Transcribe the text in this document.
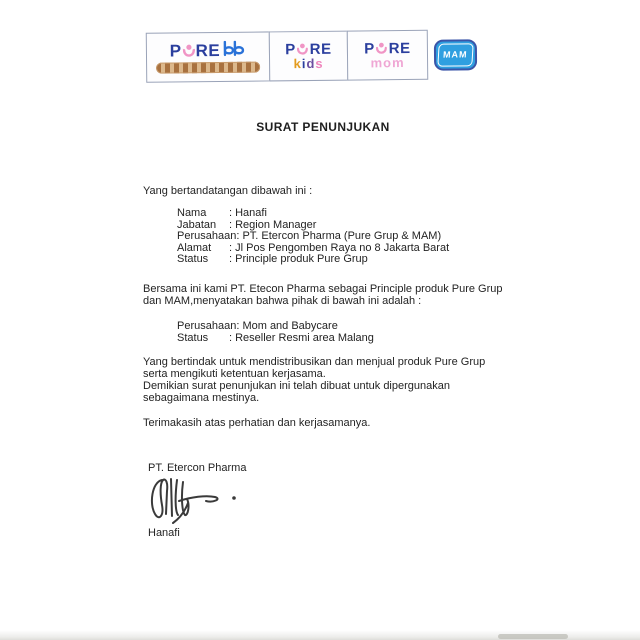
P RE	P RE
kids
P RE
mom
MAM
SURAT PENUNJUKAN
Yang bertandatangan dibawah ini :
Nama	: Hanafi
Jabatan	: Region Manager
Perusahaan : PT. Etercon Pharma (Pure Grup & MAM)
Alamat	: Jl Pos Pengomben Raya no 8 Jakarta Barat
Status	: Principle produk Pure Grup
Bersama ini kami PT. Etecon Pharma sebagai Principle produk Pure Grup
dan MAM,menyatakan bahwa pihak di bawah ini adalah :
Perusahaan : Mom and Babycare
Status	: Reseller Resmi area Malang
Yang bertindak untuk mendistribusikan dan menjual produk Pure Grup
serta mengikuti ketentuan kerjasama.
Demikian surat penunjukan ini telah dibuat untuk dipergunakan
sebagaimana mestinya.
Terimakasih atas perhatian dan kerjasamanya.
PT. Etercon Pharma
Hanafi
